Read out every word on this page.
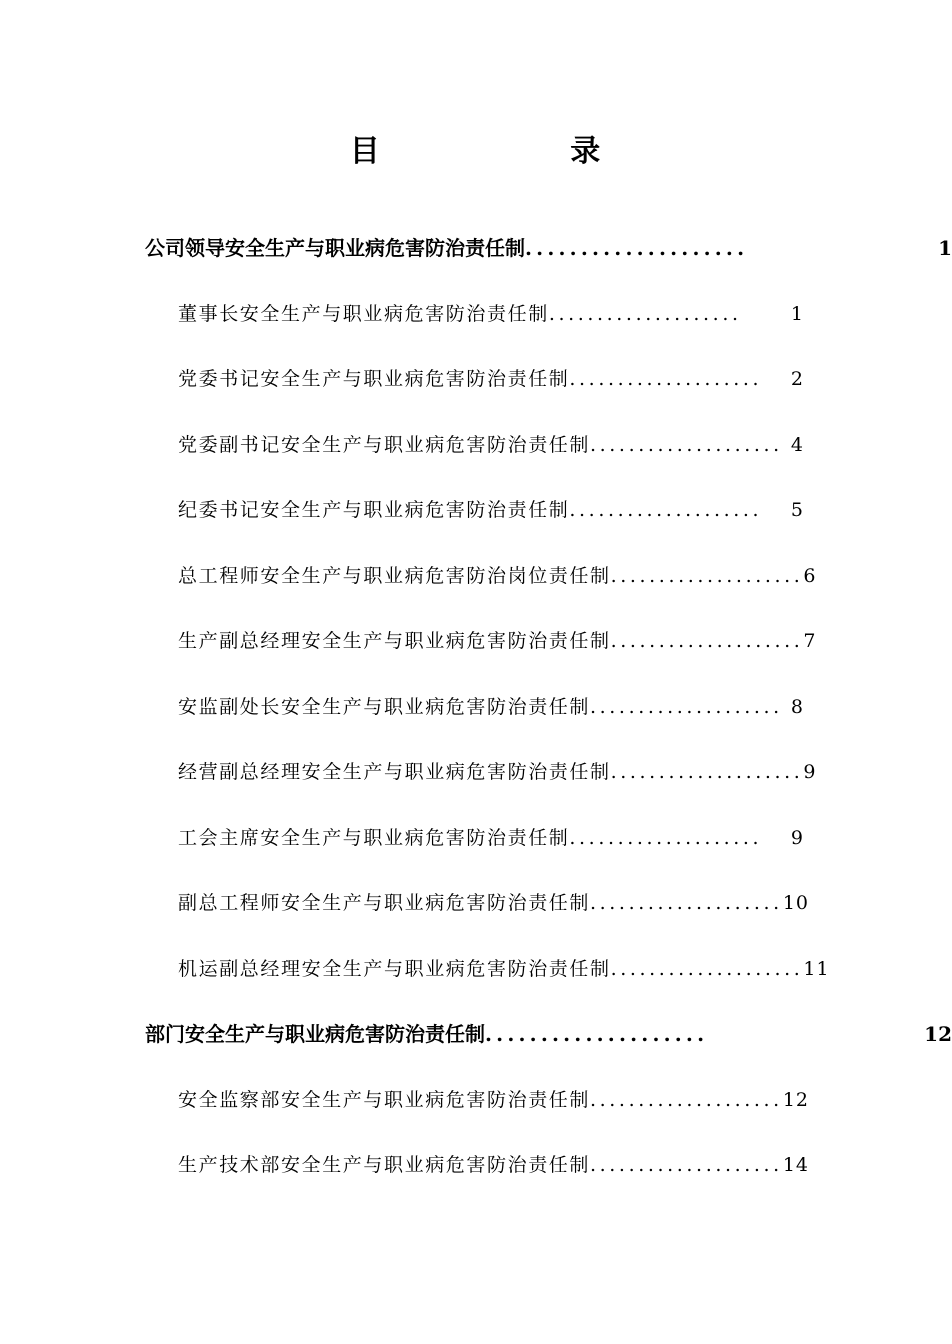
目 录
公司领导安全生产与职业病危害防治责任制 ....................	1
董事长安全生产与职业病危害防治责任制 ....................	1
党委书记安全生产与职业病危害防治责任制 ....................	2
党委副书记安全生产与职业病危害防治责任制 .................... 4
纪委书记安全生产与职业病危害防治责任制 ....................	5
总工程师安全生产与职业病危害防治岗位责任制 .................... 6
生产副总经理安全生产与职业病危害防治责任制 .................... 7
安监副处长安全生产与职业病危害防治责任制 .................... 8
经营副总经理安全生产与职业病危害防治责任制 .................... 9
工会主席安全生产与职业病危害防治责任制 ....................	9
副总工程师安全生产与职业病危害防治责任制 .................... 10
机运副总经理安全生产与职业病危害防治责任制 .................... 11
部门安全生产与职业病危害防治责任制 ....................	12
安全监察部安全生产与职业病危害防治责任制 .................... 12
生产技术部安全生产与职业病危害防治责任制 .................... 14
